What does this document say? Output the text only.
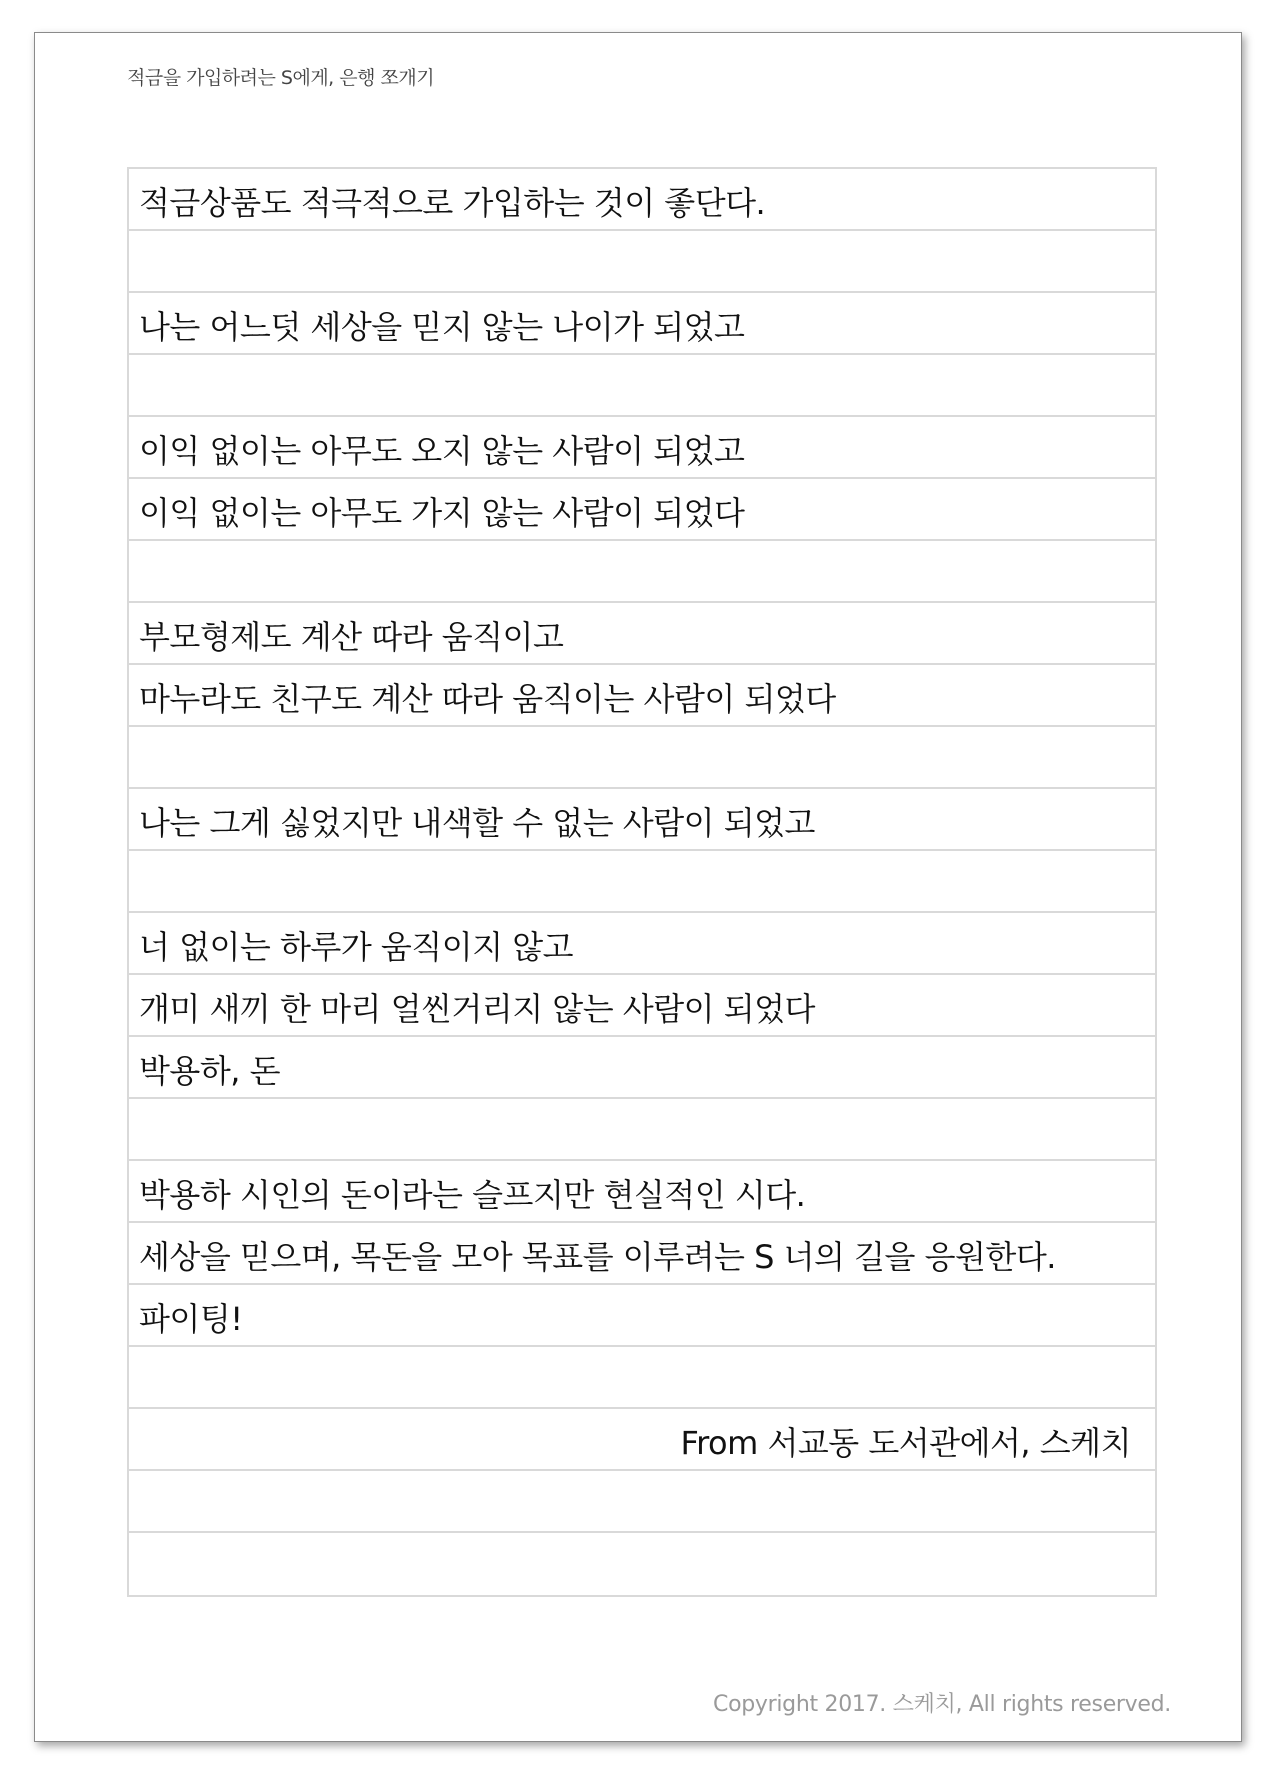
적금을 가입하려는 S에게, 은행 쪼개기
적금상품도 적극적으로 가입하는 것이 좋단다.
나는 어느덧 세상을 믿지 않는 나이가 되었고
이익 없이는 아무도 오지 않는 사람이 되었고
이익 없이는 아무도 가지 않는 사람이 되었다
부모형제도 계산 따라 움직이고
마누라도 친구도 계산 따라 움직이는 사람이 되었다
나는 그게 싫었지만 내색할 수 없는 사람이 되었고
너 없이는 하루가 움직이지 않고
개미 새끼 한 마리 얼씬거리지 않는 사람이 되었다
박용하, 돈
박용하 시인의 돈이라는 슬프지만 현실적인 시다.
세상을 믿으며, 목돈을 모아 목표를 이루려는 S 너의 길을 응원한다.
파이팅!
From 서교동 도서관에서, 스케치
Copyright 2017. 스케치, All rights reserved.
